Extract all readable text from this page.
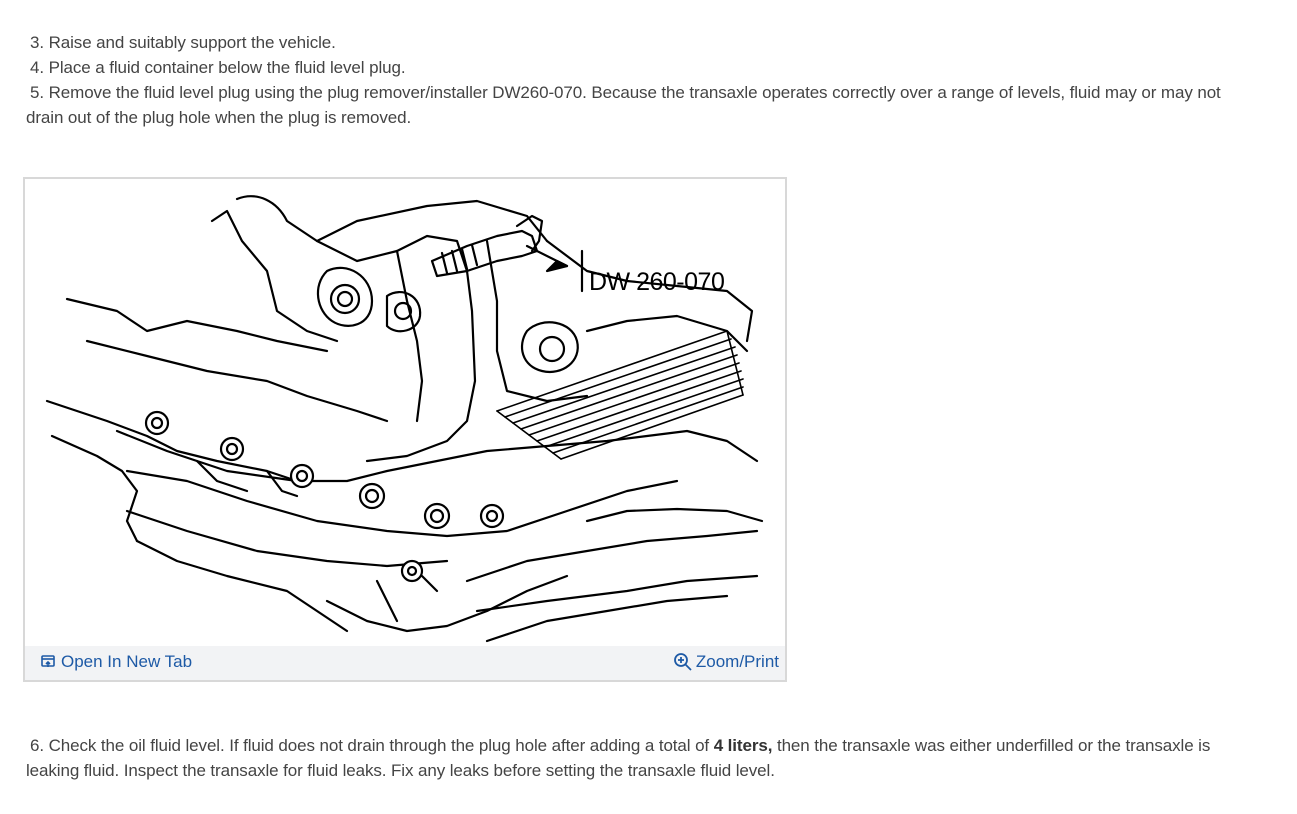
3. Raise and suitably support the vehicle.

4. Place a fluid container below the fluid level plug.

5. Remove the fluid level plug using the plug remover/installer DW260-070. Because the transaxle operates correctly over a range of levels, fluid may or may not drain out of the plug hole when the plug is removed.

DW 260-070
Open In New Tab	Zoom/Print

6. Check the oil fluid level. If fluid does not drain through the plug hole after adding a total of 4 liters, then the transaxle was either underfilled or the transaxle is leaking fluid. Inspect the transaxle for fluid leaks. Fix any leaks before setting the transaxle fluid level.
